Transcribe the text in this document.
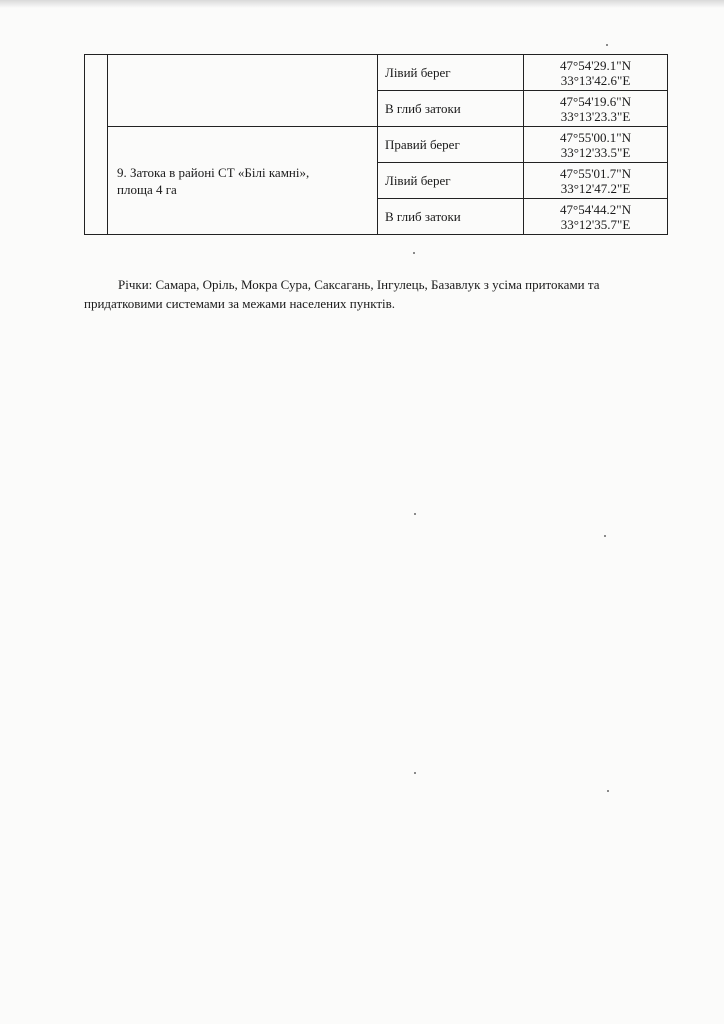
		Лівий берег	47°54'29.1"N
33°13'42.6"E

		В глиб затоки	47°54'19.6"N
33°13'23.3"E

	9. Затока в районі СТ «Білі камні»,
площа 4 га	Правий берег	47°55'00.1"N
33°12'33.5"E

		Лівий берег	47°55'01.7"N
33°12'47.2"E

		В глиб затоки	47°54'44.2"N
33°12'35.7"E

Річки: Самара, Оріль, Мокра Сура, Саксагань, Інгулець, Базавлук з усіма притоками та придатковими системами за межами населених пунктів.
